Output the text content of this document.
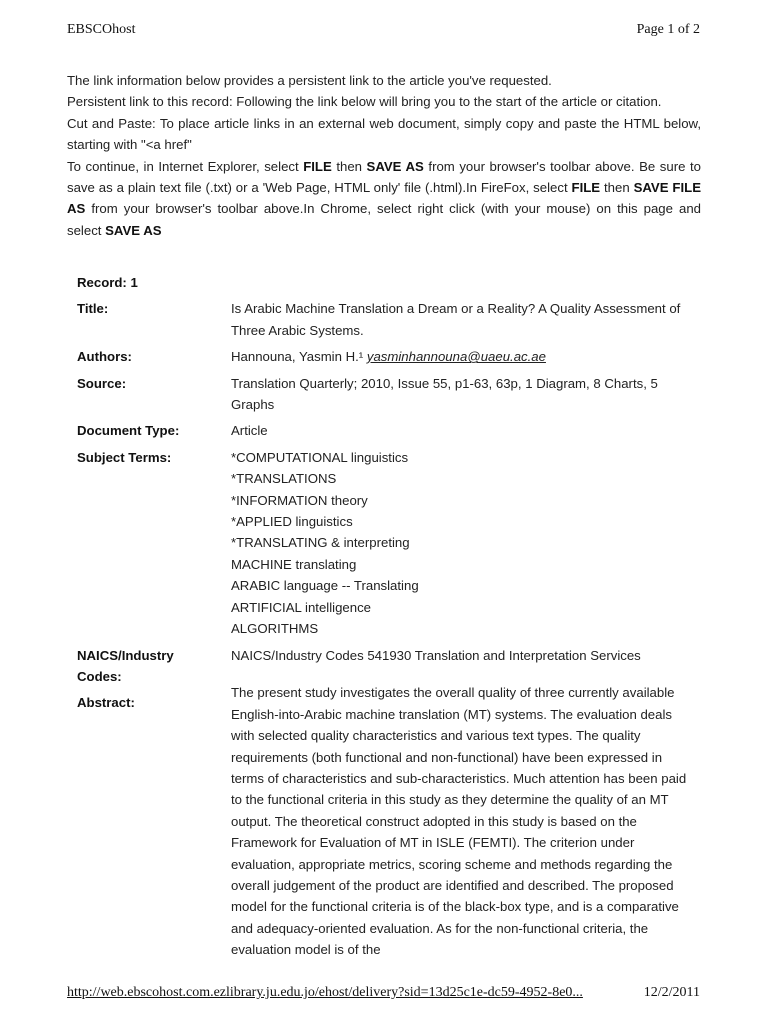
EBSCOhost	Page 1 of 2

The link information below provides a persistent link to the article you've requested.

Persistent link to this record: Following the link below will bring you to the start of the article or citation.

Cut and Paste: To place article links in an external web document, simply copy and paste the HTML below, starting with "<a href"

To continue, in Internet Explorer, select FILE then SAVE AS from your browser's toolbar above. Be sure to save as a plain text file (.txt) or a 'Web Page, HTML only' file (.html).In FireFox, select FILE then SAVE FILE AS from your browser's toolbar above.In Chrome, select right click (with your mouse) on this page and select SAVE AS

Record: 1
Title:	Is Arabic Machine Translation a Dream or a Reality? A Quality Assessment of Three Arabic Systems.
Authors:	Hannouna, Yasmin H.¹ yasminhannouna@uaeu.ac.ae
Source:	Translation Quarterly; 2010, Issue 55, p1-63, 63p, 1 Diagram, 8 Charts, 5 Graphs
Document Type:	Article
Subject Terms:	*COMPUTATIONAL linguistics
*TRANSLATIONS
*INFORMATION theory
*APPLIED linguistics
*TRANSLATING & interpreting
MACHINE translating
ARABIC language -- Translating
ARTIFICIAL intelligence
ALGORITHMS
NAICS/Industry Codes:
NAICS/Industry Codes 541930 Translation and Interpretation Services
Abstract:
The present study investigates the overall quality of three currently available English-into-Arabic machine translation (MT) systems. The evaluation deals with selected quality characteristics and various text types. The quality requirements (both functional and non-functional) have been expressed in terms of characteristics and sub-characteristics. Much attention has been paid to the functional criteria in this study as they determine the quality of an MT output. The theoretical construct adopted in this study is based on the Framework for Evaluation of MT in ISLE (FEMTI). The criterion under evaluation, appropriate metrics, scoring scheme and methods regarding the overall judgement of the product are identified and described. The proposed model for the functional criteria is of the black-box type, and is a comparative and adequacy-oriented evaluation. As for the non-functional criteria, the evaluation model is of the
http://web.ebscohost.com.ezlibrary.ju.edu.jo/ehost/delivery?sid=13d25c1e-dc59-4952-8e0...	12/2/2011
